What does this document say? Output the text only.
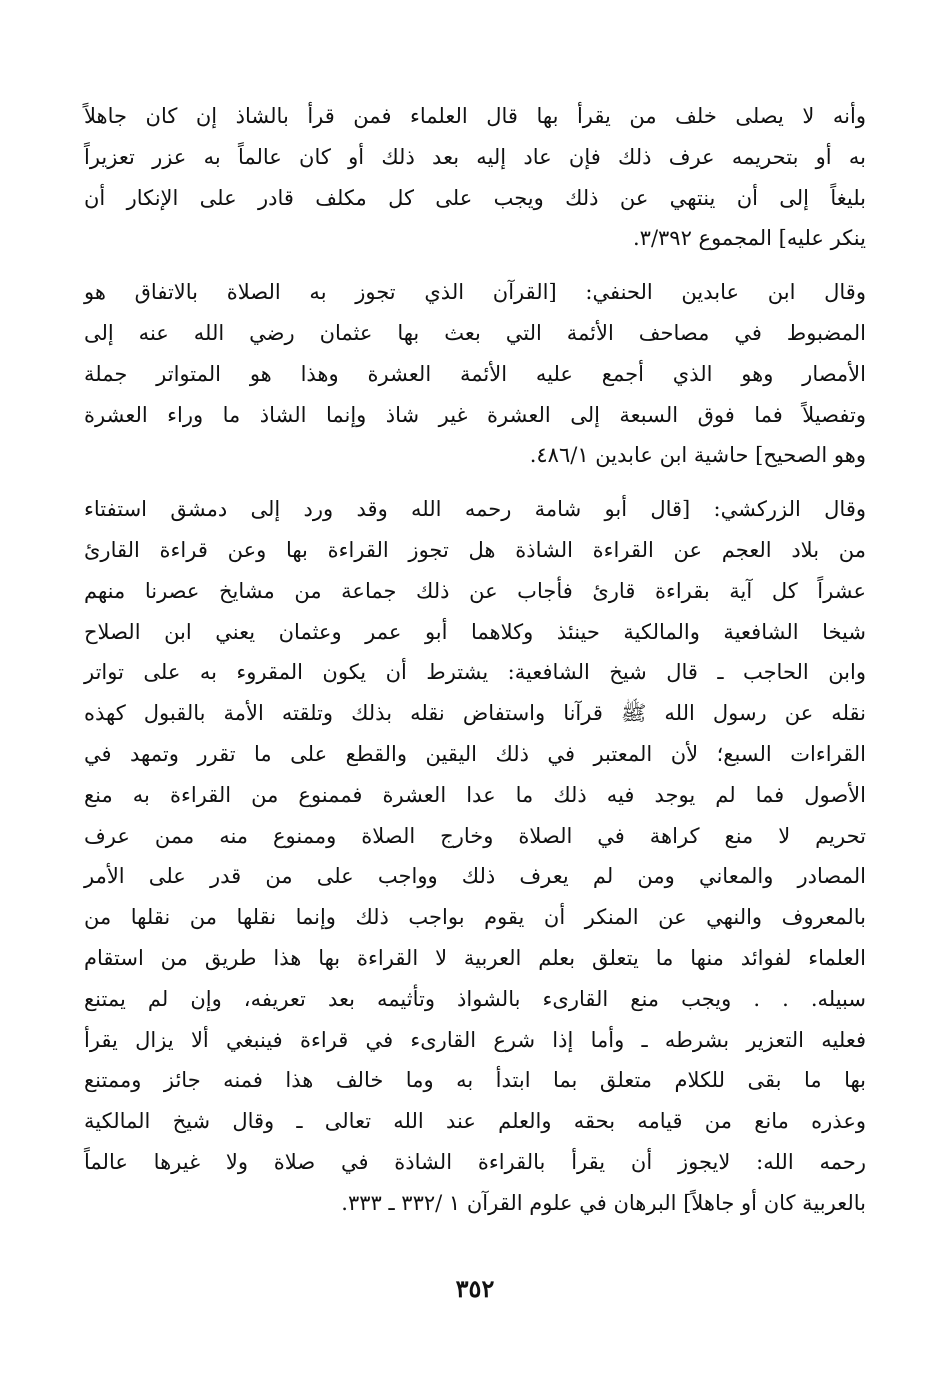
وأنه لا يصلى خلف من يقرأ بها قال العلماء فمن قرأ بالشاذ إن كان جاهلاً
به أو بتحريمه عرف ذلك فإن عاد إليه بعد ذلك أو كان عالماً به عزر تعزيراً
بليغاً إلى أن ينتهي عن ذلك ويجب على كل مكلف قادر على الإنكار أن
ينكر عليه] المجموع ٣/٣٩٢.

وقال ابن عابدين الحنفي: [القرآن الذي تجوز به الصلاة بالاتفاق هو
المضبوط في مصاحف الأئمة التي بعث بها عثمان رضي الله عنه إلى
الأمصار وهو الذي أجمع عليه الأئمة العشرة وهذا هو المتواتر جملة
وتفصيلاً فما فوق السبعة إلى العشرة غير شاذ وإنما الشاذ ما وراء العشرة
وهو الصحيح] حاشية ابن عابدين ٤٨٦/١.

وقال الزركشي: [قال أبو شامة رحمه الله وقد ورد إلى دمشق استفتاء
من بلاد العجم عن القراءة الشاذة هل تجوز القراءة بها وعن قراءة القارئ
عشراً كل آية بقراءة قارئ فأجاب عن ذلك جماعة من مشايخ عصرنا منهم
شيخا الشافعية والمالكية حينئذ وكلاهما أبو عمر وعثمان يعني ابن الصلاح
وابن الحاجب ـ قال شيخ الشافعية: يشترط أن يكون المقروء به على تواتر
نقله عن رسول الله ﷺ قرآنا واستفاض نقله بذلك وتلقته الأمة بالقبول كهذه
القراءات السبع؛ لأن المعتبر في ذلك اليقين والقطع على ما تقرر وتمهد في
الأصول فما لم يوجد فيه ذلك ما عدا العشرة فممنوع من القراءة به منع
تحريم لا منع كراهة في الصلاة وخارج الصلاة وممنوع منه ممن عرف
المصادر والمعاني ومن لم يعرف ذلك وواجب على من قدر على الأمر
بالمعروف والنهي عن المنكر أن يقوم بواجب ذلك وإنما نقلها من نقلها من
العلماء لفوائد منها ما يتعلق بعلم العربية لا القراءة بها هذا طريق من استقام
سبيله. . . ويجب منع القارىء بالشواذ وتأثيمه بعد تعريفه، وإن لم يمتنع
فعليه التعزير بشرطه ـ وأما إذا شرع القارىء في قراءة فينبغي ألا يزال يقرأ
بها ما بقى للكلام متعلق بما ابتدأ به وما خالف هذا فمنه جائز وممتنع
وعذره مانع من قيامه بحقه والعلم عند الله تعالى ـ وقال شيخ المالكية
رحمه الله: لايجوز أن يقرأ بالقراءة الشاذة في صلاة ولا غيرها عالماً
بالعربية كان أو جاهلاً] البرهان في علوم القرآن ١ /٣٣٢ ـ ٣٣٣.

٣٥٢
